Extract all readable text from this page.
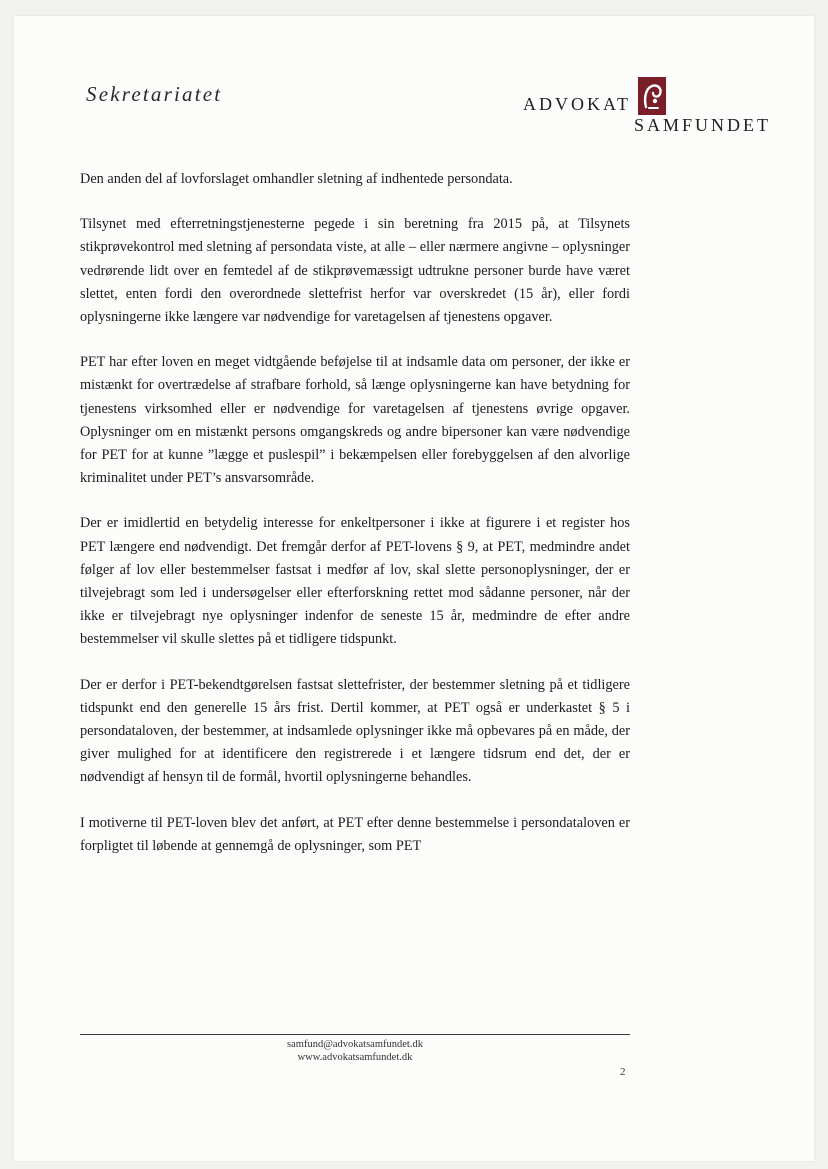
Sekretariatet	ADVOKAT
SAMFUNDET

Den anden del af lovforslaget omhandler sletning af indhentede persondata.

Tilsynet med efterretningstjenesterne pegede i sin beretning fra 2015 på, at Tilsynets stikprøvekontrol med sletning af persondata viste, at alle – eller nærmere angivne – oplysninger vedrørende lidt over en femtedel af de stikprøvemæssigt udtrukne personer burde have været slettet, enten fordi den overordnede slettefrist herfor var overskredet (15 år), eller fordi oplysningerne ikke længere var nødvendige for varetagelsen af tjenestens opgaver.

PET har efter loven en meget vidtgående beføjelse til at indsamle data om personer, der ikke er mistænkt for overtrædelse af strafbare forhold, så længe oplysningerne kan have betydning for tjenestens virksomhed eller er nødvendige for varetagelsen af tjenestens øvrige opgaver. Oplysninger om en mistænkt persons omgangskreds og andre bipersoner kan være nødvendige for PET for at kunne ”lægge et puslespil” i bekæmpelsen eller forebyggelsen af den alvorlige kriminalitet under PET’s ansvarsområde.

Der er imidlertid en betydelig interesse for enkeltpersoner i ikke at figurere i et register hos PET længere end nødvendigt. Det fremgår derfor af PET-lovens § 9, at PET, medmindre andet følger af lov eller bestemmelser fastsat i medfør af lov, skal slette personoplysninger, der er tilvejebragt som led i undersøgelser eller efterforskning rettet mod sådanne personer, når der ikke er tilvejebragt nye oplysninger indenfor de seneste 15 år, medmindre de efter andre bestemmelser vil skulle slettes på et tidligere tidspunkt.

Der er derfor i PET-bekendtgørelsen fastsat slettefrister, der bestemmer sletning på et tidligere tidspunkt end den generelle 15 års frist. Dertil kommer, at PET også er underkastet § 5 i persondataloven, der bestemmer, at indsamlede oplysninger ikke må opbevares på en måde, der giver mulighed for at identificere den registrerede i et længere tidsrum end det, der er nødvendigt af hensyn til de formål, hvortil oplysningerne behandles.

I motiverne til PET-loven blev det anført, at PET efter denne bestemmelse i persondataloven er forpligtet til løbende at gennemgå de oplysninger, som PET

samfund@advokatsamfundet.dk
www.advokatsamfundet.dk
2
